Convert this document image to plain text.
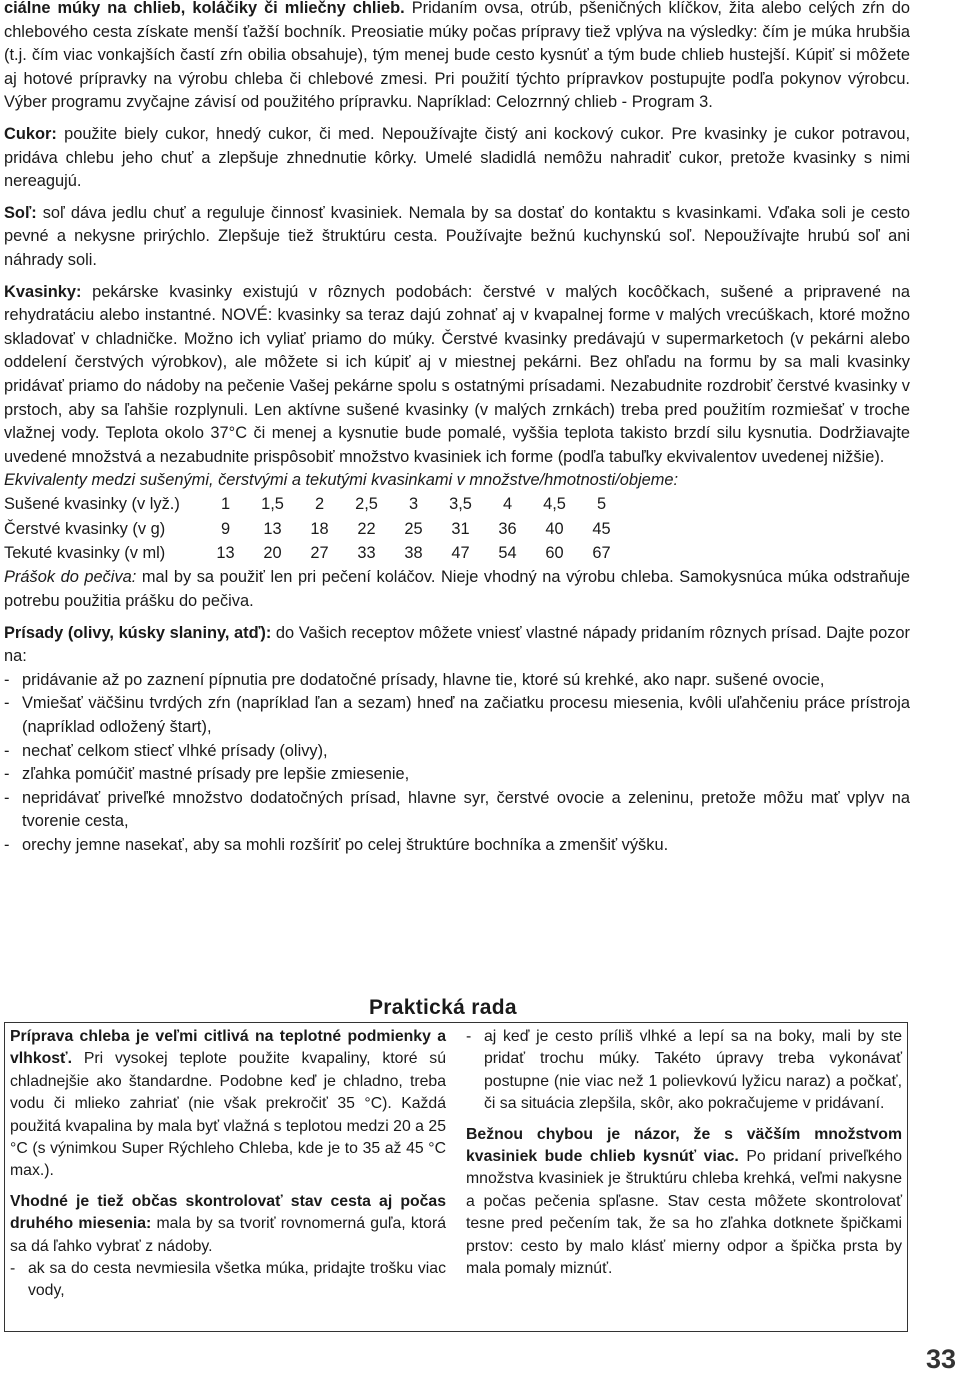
ciálne múky na chlieb, koláčiky či mliečny chlieb. Pridaním ovsa, otrúb, pšeničných klíčkov, žita alebo celých zŕn do chlebového cesta získate menší ťažší bochník. Preosiatie múky počas prípravy tiež vplýva na výsledky: čím je múka hrubšia (t.j. čím viac vonkajších častí zŕn obilia obsahuje), tým menej bude cesto kysnúť a tým bude chlieb hustejší. Kúpiť si môžete aj hotové prípravky na výrobu chleba či chlebové zmesi. Pri použití týchto prípravkov postupujte podľa pokynov výrobcu. Výber programu zvyčajne závisí od použitého prípravku. Napríklad: Celozrnný chlieb - Program 3.

Cukor: použite biely cukor, hnedý cukor, či med. Nepoužívajte čistý ani kockový cukor. Pre kvasinky je cukor potravou, pridáva chlebu jeho chuť a zlepšuje zhnednutie kôrky. Umelé sladidlá nemôžu nahradiť cukor, pretože kvasinky s nimi nereagujú.

Soľ: soľ dáva jedlu chuť a reguluje činnosť kvasiniek. Nemala by sa dostať do kontaktu s kvasinkami. Vďaka soli je cesto pevné a nekysne prirýchlo. Zlepšuje tiež štruktúru cesta. Používajte bežnú kuchynskú soľ. Nepoužívajte hrubú soľ ani náhrady soli.

Kvasinky: pekárske kvasinky existujú v rôznych podobách: čerstvé v malých kocôčkach, sušené a pripravené na rehydratáciu alebo instantné. NOVÉ: kvasinky sa teraz dajú zohnať aj v kvapalnej forme v malých vrecúškach, ktoré možno skladovať v chladničke. Možno ich vyliať priamo do múky. Čerstvé kvasinky predávajú v supermarketoch (v pekárni alebo oddelení čerstvých výrobkov), ale môžete si ich kúpiť aj v miestnej pekárni. Bez ohľadu na formu by sa mali kvasinky pridávať priamo do nádoby na pečenie Vašej pekárne spolu s ostatnými prísadami. Nezabudnite rozdrobiť čerstvé kvasinky v prstoch, aby sa ľahšie rozplynuli. Len aktívne sušené kvasinky (v malých zrnkách) treba pred použitím rozmiešať v troche vlažnej vody. Teplota okolo 37°C či menej a kysnutie bude pomalé, vyššia teplota takisto brzdí silu kysnutia. Dodržiavajte uvedené množstvá a nezabudnite prispôsobiť množstvo kvasiniek ich forme (podľa tabuľky ekvivalentov uvedenej nižšie).

Ekvivalenty medzi sušenými, čerstvými a tekutými kvasinkami v množstve/hmotnosti/objeme:
Sušené kvasinky (v lyž.)	1	1,5	2	2,5	3	3,5	4	4,5	5
Čerstvé kvasinky (v g)	9	13	18	22	25	31	36	40	45
Tekuté kvasinky (v ml)	13	20	27	33	38	47	54	60	67

Prášok do pečiva: mal by sa použiť len pri pečení koláčov. Nieje vhodný na výrobu chleba. Samokysnúca múka odstraňuje potrebu použitia prášku do pečiva.

Prísady (olivy, kúsky slaniny, atď): do Vašich receptov môžete vniesť vlastné nápady pridaním rôznych prísad. Dajte pozor na:

- pridávanie až po zaznení pípnutia pre dodatočné prísady, hlavne tie, ktoré sú krehké, ako napr. sušené ovocie,
- Vmiešať väčšinu tvrdých zŕn (napríklad ľan a sezam) hneď na začiatku procesu miesenia, kvôli uľahčeniu práce prístroja (napríklad odložený štart),
- nechať celkom stiecť vlhké prísady (olivy),
- zľahka pomúčiť mastné prísady pre lepšie zmiesenie,
- nepridávať priveľké množstvo dodatočných prísad, hlavne syr, čerstvé ovocie a zeleninu, pretože môžu mať vplyv na tvorenie cesta,
- orechy jemne nasekať, aby sa mohli rozšíriť po celej štruktúre bochníka a zmenšiť výšku.
Praktická rada

Príprava chleba je veľmi citlivá na teplotné podmienky a vlhkosť. Pri vysokej teplote použite kvapaliny, ktoré sú chladnejšie ako štandardne. Podobne keď je chladno, treba vodu či mlieko zahriať (nie však prekročiť 35 °C). Každá použitá kvapalina by mala byť vlažná s teplotou medzi 20 a 25 °C (s výnimkou Super Rýchleho Chleba, kde je to 35 až 45 °C max.).

Vhodné je tiež občas skontrolovať stav cesta aj počas druhého miesenia: mala by sa tvoriť rovnomerná guľa, ktorá sa dá ľahko vybrať z nádoby.

- ak sa do cesta nevmiesila všetka múka, pridajte trošku viac vody,
- aj keď je cesto príliš vlhké a lepí sa na boky, mali by ste pridať trochu múky. Takéto úpravy treba vykonávať postupne (nie viac než 1 polievkovú lyžicu naraz) a počkať, či sa situácia zlepšila, skôr, ako pokračujeme v pridávaní.

Bežnou chybou je názor, že s väčším množstvom kvasiniek bude chlieb kysnúť viac. Po pridaní priveľkého množstva kvasiniek je štruktúru chleba krehká, veľmi nakysne a počas pečenia spľasne. Stav cesta môžete skontrolovať tesne pred pečením tak, že sa ho zľahka dotknete špičkami prstov: cesto by malo klásť mierny odpor a špička prsta by mala pomaly miznúť.

33
